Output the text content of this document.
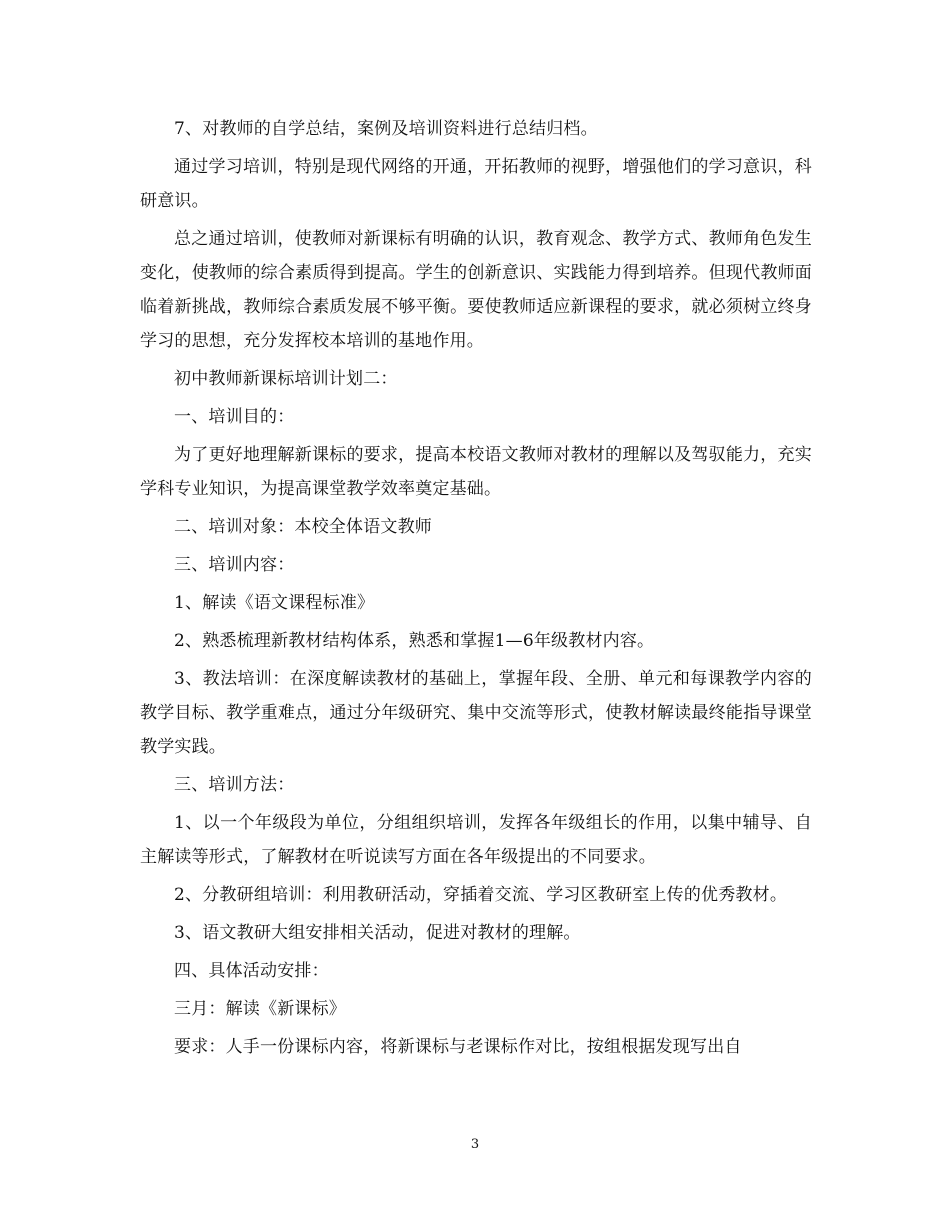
7、对教师的自学总结，案例及培训资料进行总结归档。

通过学习培训，特别是现代网络的开通，开拓教师的视野，增强他们的学习意识，科研意识。

总之通过培训，使教师对新课标有明确的认识，教育观念、教学方式、教师角色发生变化，使教师的综合素质得到提高。学生的创新意识、实践能力得到培养。但现代教师面临着新挑战，教师综合素质发展不够平衡。要使教师适应新课程的要求，就必须树立终身学习的思想，充分发挥校本培训的基地作用。

初中教师新课标培训计划二：

一、培训目的：

为了更好地理解新课标的要求，提高本校语文教师对教材的理解以及驾驭能力，充实学科专业知识，为提高课堂教学效率奠定基础。

二、培训对象：本校全体语文教师

三、培训内容：

1、解读《语文课程标准》

2、熟悉梳理新教材结构体系，熟悉和掌握1—6年级教材内容。

3、教法培训：在深度解读教材的基础上，掌握年段、全册、单元和每课教学内容的教学目标、教学重难点，通过分年级研究、集中交流等形式，使教材解读最终能指导课堂教学实践。

三、培训方法：

1、以一个年级段为单位，分组组织培训，发挥各年级组长的作用，以集中辅导、自主解读等形式，了解教材在听说读写方面在各年级提出的不同要求。

2、分教研组培训：利用教研活动，穿插着交流、学习区教研室上传的优秀教材。

3、语文教研大组安排相关活动，促进对教材的理解。

四、具体活动安排：

三月：解读《新课标》

要求：人手一份课标内容，将新课标与老课标作对比，按组根据发现写出自

3
